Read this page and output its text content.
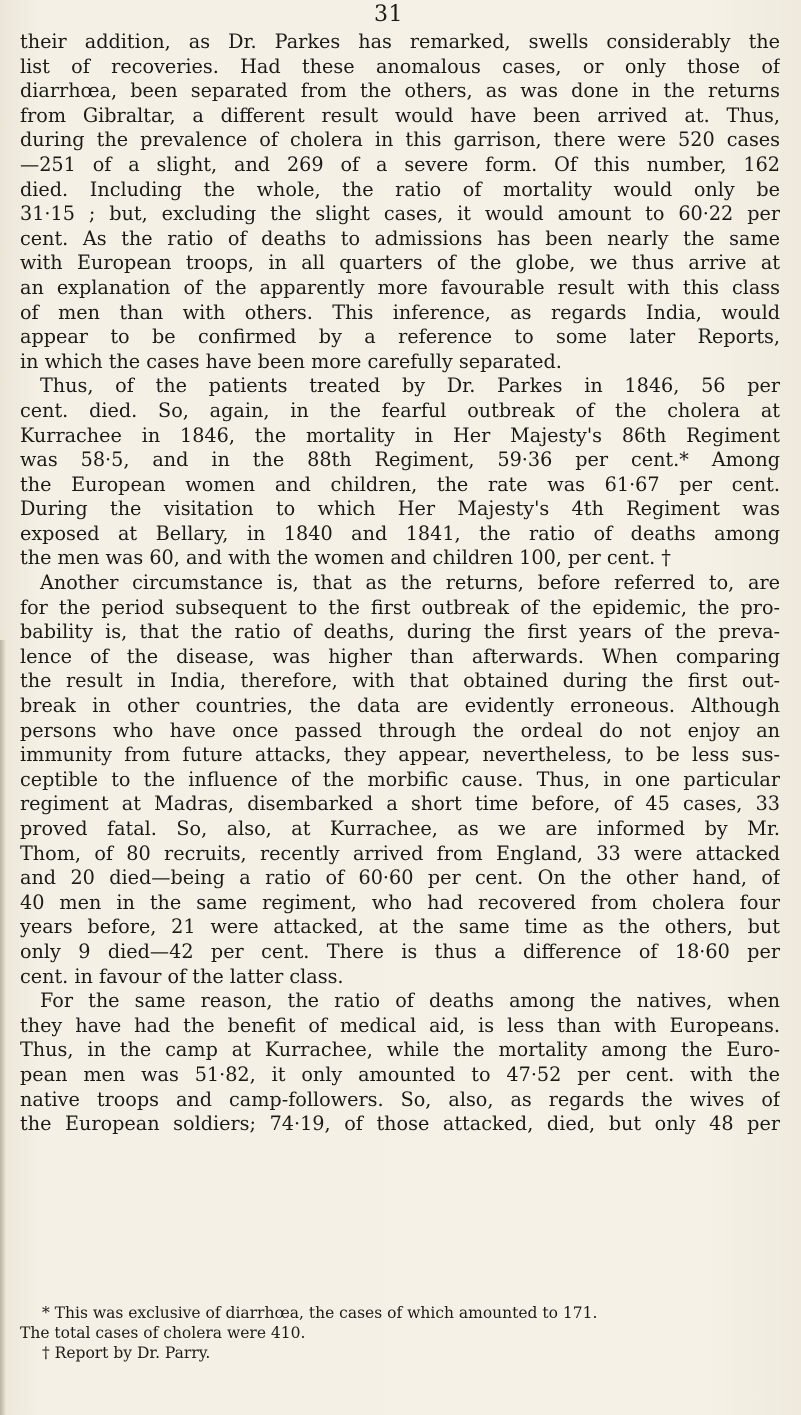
31
their addition, as Dr. Parkes has remarked, swells considerably the
list of recoveries. Had these anomalous cases, or only those of
diarrhœa, been separated from the others, as was done in the returns
from Gibraltar, a different result would have been arrived at. Thus,
during the prevalence of cholera in this garrison, there were 520 cases
—251 of a slight, and 269 of a severe form. Of this number, 162
died. Including the whole, the ratio of mortality would only be
31·15 ; but, excluding the slight cases, it would amount to 60·22 per
cent. As the ratio of deaths to admissions has been nearly the same
with European troops, in all quarters of the globe, we thus arrive at
an explanation of the apparently more favourable result with this class
of men than with others. This inference, as regards India, would
appear to be confirmed by a reference to some later Reports,
in which the cases have been more carefully separated.
Thus, of the patients treated by Dr. Parkes in 1846, 56 per
cent. died. So, again, in the fearful outbreak of the cholera at
Kurrachee in 1846, the mortality in Her Majesty's 86th Regiment
was 58·5, and in the 88th Regiment, 59·36 per cent.* Among
the European women and children, the rate was 61·67 per cent.
During the visitation to which Her Majesty's 4th Regiment was
exposed at Bellary, in 1840 and 1841, the ratio of deaths among
the men was 60, and with the women and children 100, per cent. †
Another circumstance is, that as the returns, before referred to, are
for the period subsequent to the first outbreak of the epidemic, the pro-
bability is, that the ratio of deaths, during the first years of the preva-
lence of the disease, was higher than afterwards. When comparing
the result in India, therefore, with that obtained during the first out-
break in other countries, the data are evidently erroneous. Although
persons who have once passed through the ordeal do not enjoy an
immunity from future attacks, they appear, nevertheless, to be less sus-
ceptible to the influence of the morbific cause. Thus, in one particular
regiment at Madras, disembarked a short time before, of 45 cases, 33
proved fatal. So, also, at Kurrachee, as we are informed by Mr.
Thom, of 80 recruits, recently arrived from England, 33 were attacked
and 20 died—being a ratio of 60·60 per cent. On the other hand, of
40 men in the same regiment, who had recovered from cholera four
years before, 21 were attacked, at the same time as the others, but
only 9 died—42 per cent. There is thus a difference of 18·60 per
cent. in favour of the latter class.
For the same reason, the ratio of deaths among the natives, when
they have had the benefit of medical aid, is less than with Europeans.
Thus, in the camp at Kurrachee, while the mortality among the Euro-
pean men was 51·82, it only amounted to 47·52 per cent. with the
native troops and camp-followers. So, also, as regards the wives of
the European soldiers; 74·19, of those attacked, died, but only 48 per
* This was exclusive of diarrhœa, the cases of which amounted to 171.
The total cases of cholera were 410.
† Report by Dr. Parry.
